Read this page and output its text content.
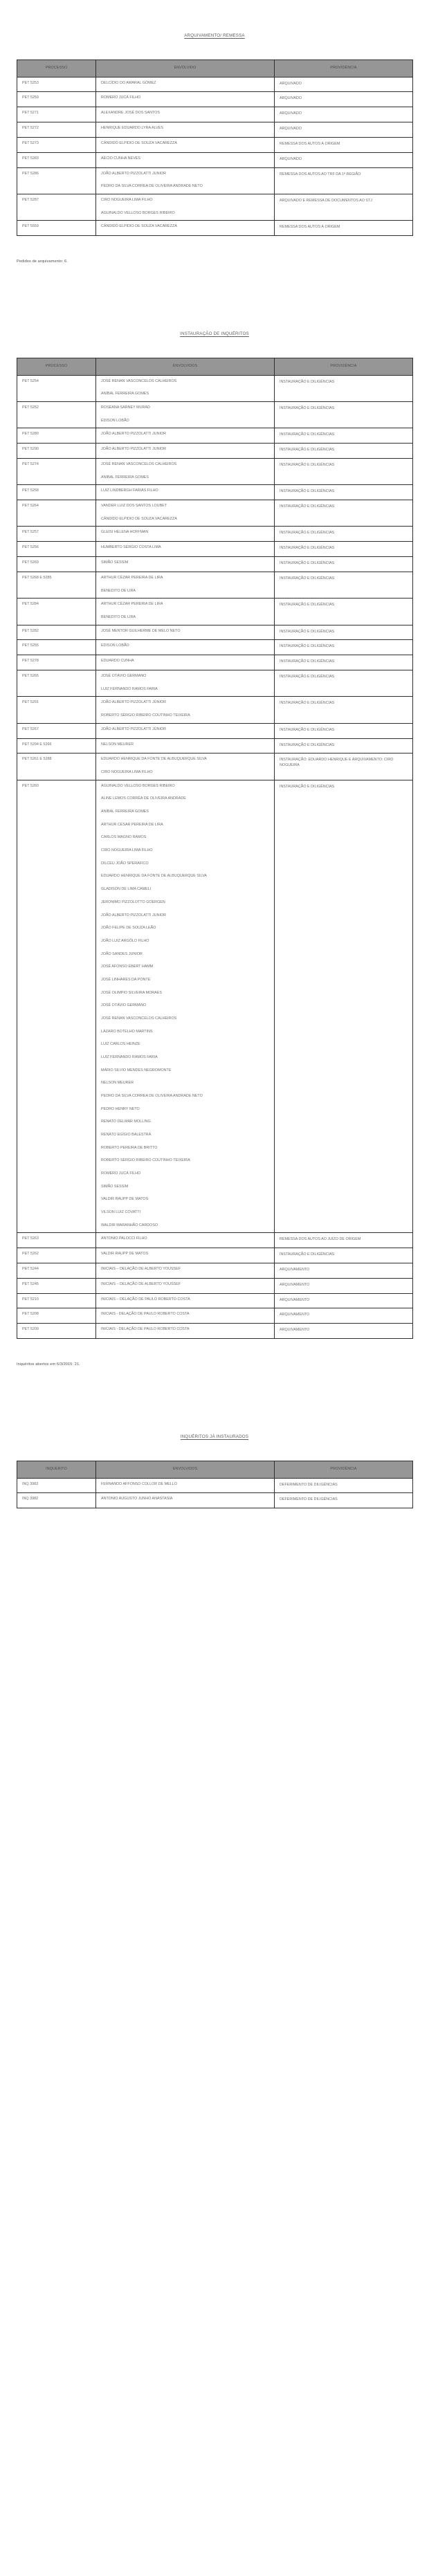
ARQUIVAMENTO/ REMESSA
PROCESSO	ENVOLVIDO	PROVIDÊNCIA
PET 5253	DELCÍDIO DO AMARAL GÓMEZ	ARQUIVADO

PET 5259	ROMERO JUCÁ FILHO	ARQUIVADO

PET 5271	ALEXANDRE JOSÉ DOS SANTOS	ARQUIVADO

PET 5272	HENRIQUE EDUARDO LYRA ALVES	ARQUIVADO

PET 5273	CÂNDIDO ELPIDIO DE SOUZA VACAREZZA	REMESSA DOS AUTOS À ORIGEM

PET 5283	AÉCIO CUNHA NEVES	ARQUIVADO

PET 5286	JOÃO ALBERTO PIZZOLATTI JUNIOR

PEDRO DA SILVA CORREA DE OLIVEIRA ANDRADE NETO	REMESSA DOS AUTOS AO TRF DA 1ª REGIÃO

PET 5287	CIRO NOGUEIRA LIMA FILHO

AGUINALDO VELLOSO BORGES RIBEIRO	ARQUIVADO E REMESSA DE DOCUMENTOS AO STJ

PET 5559	CÂNDIDO ELPIDIO DE SOUZA VACAREZZA	REMESSA DOS AUTOS À ORIGEM

Pedidos de arquivamento: 6.
INSTAURAÇÃO DE INQUÉRITOS
PROCESSO	ENVOLVIDOS	PROVIDÊNCIA
PET 5254	JOSÉ RENAN VASCONCELOS CALHEIROS

ANÍBAL FERREIRA GOMES	INSTAURAÇÃO E DILIGÊNCIAS

PET 5252	ROSEANA SARNEY MURAD

EDISON LOBÃO	INSTAURAÇÃO E DILIGÊNCIAS

PET 5280	JOÃO ALBERTO PIZZOLATTI JUNIOR	INSTAURAÇÃO E DILIGÊNCIAS

PET 5290	JOÃO ALBERTO PIZZOLATTI JUNIOR	INSTAURAÇÃO E DILIGÊNCIAS

PET 5274	JOSÉ RENAN VASCONCELOS CALHEIROS

ANÍBAL FERREIRA GOMES	INSTAURAÇÃO E DILIGÊNCIAS

PET 5258	LUIZ LINDBERGH FARIAS FILHO	INSTAURAÇÃO E DILIGÊNCIAS

PET 5264	VANDER LUIZ DOS SANTOS LOUBET

CÂNDIDO ELPIDIO DE SOUZA VACAREZZA	INSTAURAÇÃO E DILIGÊNCIAS

PET 5257	GLEISI HELENA HOFFMAN	INSTAURAÇÃO E DILIGÊNCIAS

PET 5256	HUMBERTO SÉRGIO COSTA LIMA	INSTAURAÇÃO E DILIGÊNCIAS

PET 5269	SIMÃO SESSIM	INSTAURAÇÃO E DILIGÊNCIAS

PET 5268 E 5285	ARTHUR CÉZAR PEREIRA DE LIRA

BENEDITO DE LIRA	INSTAURAÇÃO E DILIGÊNCIAS

PET 5284	ARTHUR CÉZAR PEREIRA DE LIRA

BENEDITO DE LIRA	INSTAURAÇÃO E DILIGÊNCIAS

PET 5282	JOSÉ MENTOR GUILHERME DE MELO NETO	INSTAURAÇÃO E DILIGÊNCIAS

PET 5255	EDISON LOBÃO	INSTAURAÇÃO E DILIGÊNCIAS

PET 5278	EDUARDO CUNHA	INSTAURAÇÃO E DILIGÊNCIAS

PET 5265	JOSÉ OTÁVIO GERMANO

LUIZ FERNANDO RAMOS FARIA	INSTAURAÇÃO E DILIGÊNCIAS

PET 5291	JOÃO ALBERTO PIZZOLATTI JÚNIOR

ROBERTO SÉRGIO RIBEIRO COUTINHO TEIXEIRA	INSTAURAÇÃO E DILIGÊNCIAS

PET 5267	JOÃO ALBERTO PIZZOLATTI JÚNIOR	INSTAURAÇÃO E DILIGÊNCIAS

PET 5294 E 5266	NELSON MEURER	INSTAURAÇÃO E DILIGÊNCIAS

PET 5261 E 5288	EDUARDO HENRIQUE DA FONTE DE ALBUQUERQUE SILVA

CIRO NOGUEIRA LIMA FILHO	INSTAURAÇÃO: EDUARDO HENRIQUE E ARQUIVAMENTO: CIRO NOGUEIRA

PET 5260	AGUINALDO VELLOSO BORGES RIBEIRO

ALINE LEMOS CORRÊA DE OLIVEIRA ANDRADE

ANÍBAL FERREIRA GOMES

ARTHUR CESAR PEREIRA DE LIRA

CARLOS MAGNO RAMOS

CIRO NOGUEIRA LIMA FILHO

DILCEU JOÃO SPERAFICO

EDUARDO HENRIQUE DA FONTE DE ALBUQUERQUE SILVA

GLADISON DE LIMA CAMELI

JERONIMO PIZZOLOTTO GOERGEN

JOÃO ALBERTO PIZZOLATTI JUNIOR

JOÃO FELIPE DE SOUZA LEÃO

JOÃO LUIZ ARGÔLO FILHO

JOÃO SANDES JUNIOR

JOSÉ AFONSO EBERT HAMM

JOSÉ LINHARES DA PONTE

JOSÉ OLIMPIO SILVEIRA MORAES

JOSÉ OTÁVIO GERMANO

JOSÉ RENAN VASCONCELOS CALHEIROS

LÁZARO BOTELHO MARTINS

LUIZ CARLOS HEINZE

LUIZ FERNANDO RAMOS FARIA

MÁRIO SILVIO MENDES NEGROMONTE

NELSON MEURER

PEDRO DA SILVA CORREA DE OLIVEIRA ANDRADE NETO

PEDRO HENRY NETO

RENATO DELMAR MOLLING

RENATO EGÍGIO BALESTRA

ROBERTO PEREIRA DE BRITTO

ROBERTO SERGIO RIBEIRO COUTINHO TEIXEIRA

ROMERO JUCÁ FILHO

SIMÃO SESSIM

VALDIR RAUPP DE MATOS

VILSON LUIZ COVATTI

WALDIR MARANHÃO CARDOSO

INSTAURAÇÃO E DILIGÊNCIAS

PET 5263	ANTONIO PALOCCI FILHO	REMESSA DOS AUTOS AO JUÍZO DE ORIGEM

PET 5262	VALDIR RAUPP DE MATOS	INSTAURAÇÃO E DILIGÊNCIAS

PET 5244	INICIAIS – DELAÇÃO DE ALBERTO YOUSSEF	ARQUIVAMENTO

PET 5245	INICIAIS – DELAÇÃO DE ALBERTO YOUSSEF	ARQUIVAMENTO

PET 5210	INICIAIS – DELAÇÃO DE PAULO ROBERTO COSTA	ARQUIVAMENTO

PET 5208	INICIAIS - DELAÇÃO DE PAULO ROBERTO COSTA	ARQUIVAMENTO

PET 5209	INICIAIS - DELAÇÃO DE PAULO ROBERTO COSTA	ARQUIVAMENTO

Inquéritos abertos em 6/3/2015: 21.
INQUÉRITOS JÁ INSTAURADOS
INQUÉRITO	ENVOLVIDOS	PROVIDÊNCIA
INQ 3983	FERNANDO AFFONSO COLLOR DE MELLO	DEFERIMENTO DE DILIGÊNCIAS

INQ 3982	ANTONIO AUGUSTO JUNHO ANASTASIA	DEFERIMENTO DE DILIGÊNCIAS
